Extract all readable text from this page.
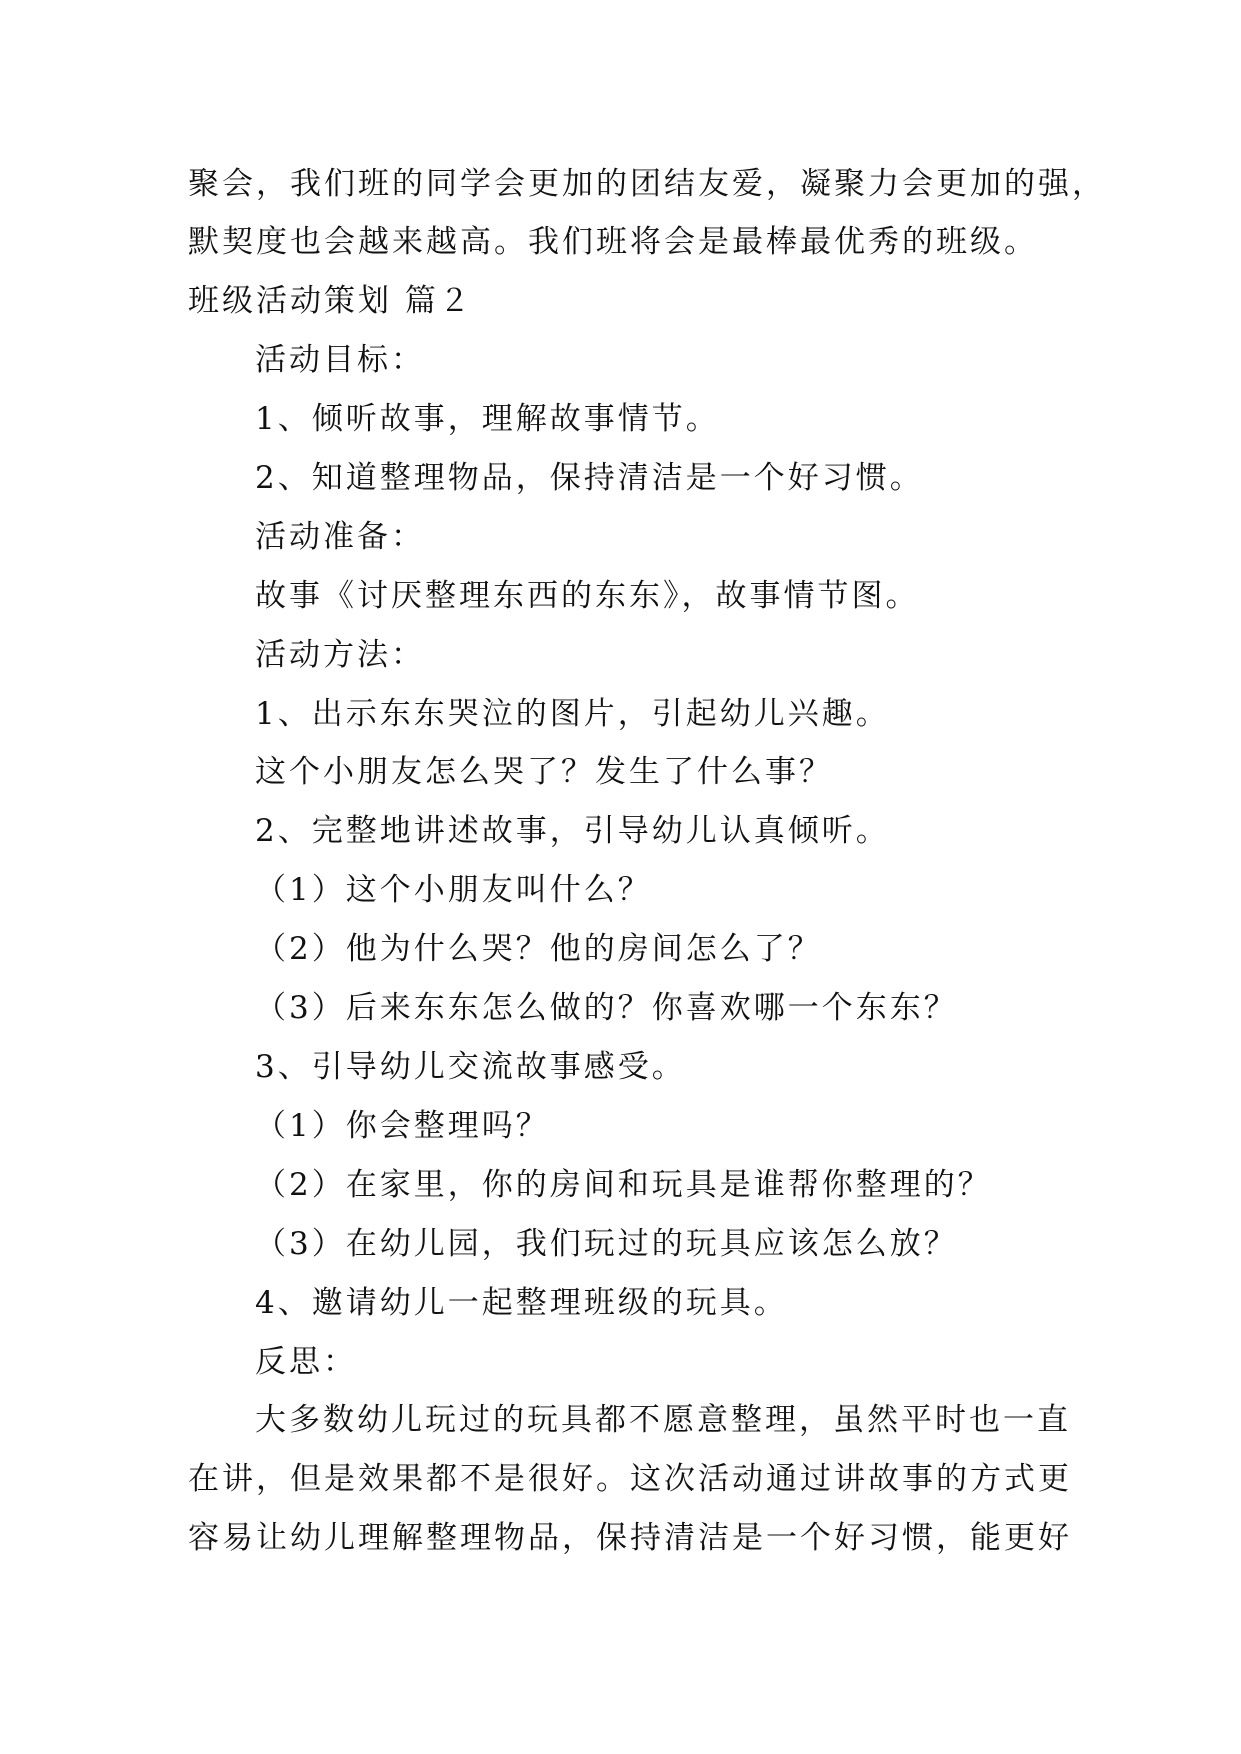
聚会，我们班的同学会更加的团结友爱，凝聚力会更加的强，
默契度也会越来越高。我们班将会是最棒最优秀的班级。
班级活动策划 篇２
活动目标：
1、倾听故事，理解故事情节。
2、知道整理物品，保持清洁是一个好习惯。
活动准备：
故事《讨厌整理东西的东东》，故事情节图。
活动方法：
1、出示东东哭泣的图片，引起幼儿兴趣。
这个小朋友怎么哭了？发生了什么事？
2、完整地讲述故事，引导幼儿认真倾听。
（1）这个小朋友叫什么？
（2）他为什么哭？他的房间怎么了？
（3）后来东东怎么做的？你喜欢哪一个东东？
3、引导幼儿交流故事感受。
（1）你会整理吗？
（2）在家里，你的房间和玩具是谁帮你整理的？
（3）在幼儿园，我们玩过的玩具应该怎么放？
4、邀请幼儿一起整理班级的玩具。
反思：
大多数幼儿玩过的玩具都不愿意整理，虽然平时也一直
在讲，但是效果都不是很好。这次活动通过讲故事的方式更
容易让幼儿理解整理物品，保持清洁是一个好习惯，能更好
